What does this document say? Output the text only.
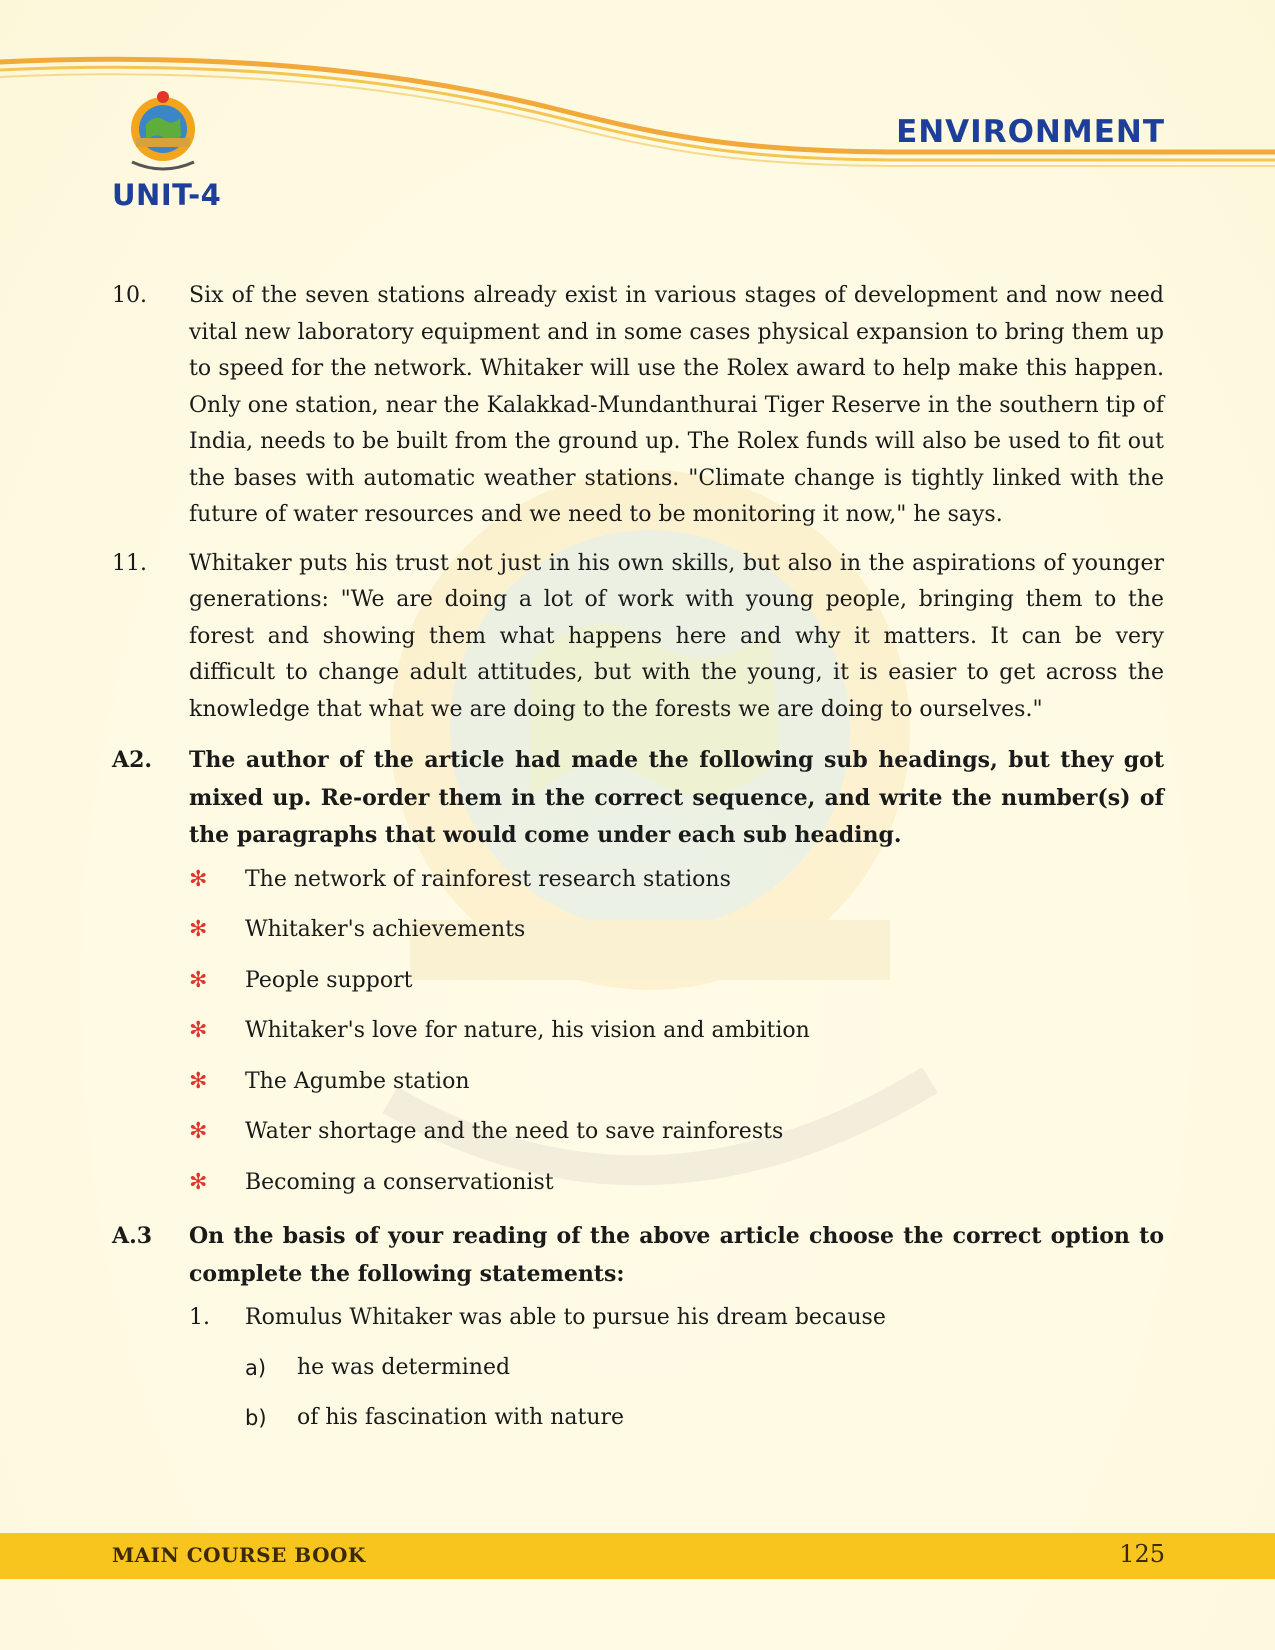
UNIT-4
ENVIRONMENT
10.	Six of the seven stations already exist in various stages of development and now need vital new laboratory equipment and in some cases physical expansion to bring them up to speed for the network. Whitaker will use the Rolex award to help make this happen. Only one station, near the Kalakkad-Mundanthurai Tiger Reserve in the southern tip of India, needs to be built from the ground up. The Rolex funds will also be used to fit out the bases with automatic weather stations. "Climate change is tightly linked with the future of water resources and we need to be monitoring it now," he says.
11.	Whitaker puts his trust not just in his own skills, but also in the aspirations of younger generations: "We are doing a lot of work with young people, bringing them to the forest and showing them what happens here and why it matters. It can be very difficult to change adult attitudes, but with the young, it is easier to get across the knowledge that what we are doing to the forests we are doing to ourselves."
A2.	The author of the article had made the following sub headings, but they got mixed up. Re-order them in the correct sequence, and write the number(s) of the paragraphs that would come under each sub heading.
✻	The network of rainforest research stations
✻	Whitaker's achievements
✻	People support
✻	Whitaker's love for nature, his vision and ambition
✻	The Agumbe station
✻	Water shortage and the need to save rainforests
✻	Becoming a conservationist
A.3	On the basis of your reading of the above article choose the correct option to complete the following statements:
1.	Romulus Whitaker was able to pursue his dream because
a)	he was determined
b)	of his fascination with nature
MAIN COURSE BOOK	125
